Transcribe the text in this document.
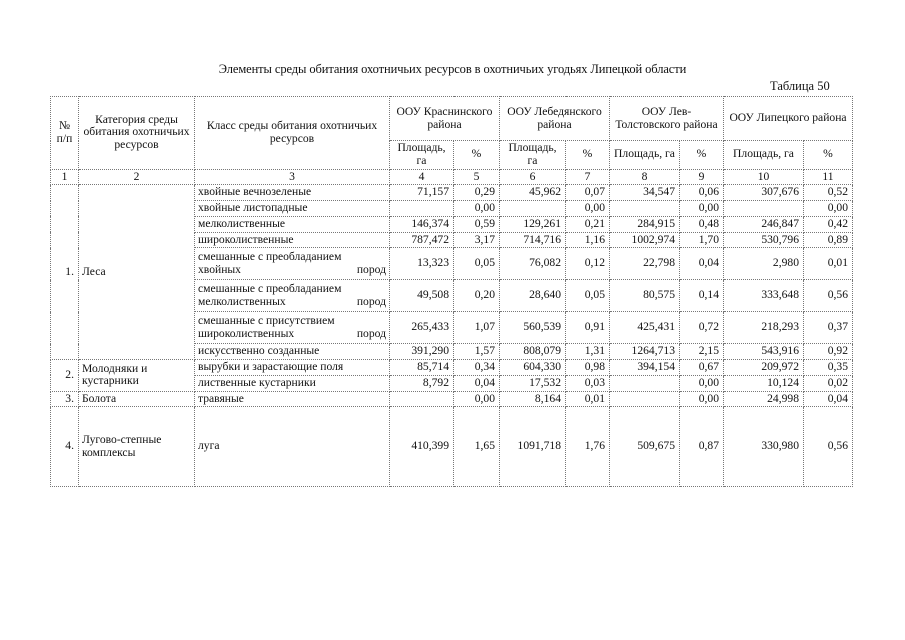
Элементы среды обитания охотничьих ресурсов в охотничьих угодьях Липецкой области
Таблица 50
№ п/п	Категория среды обитания охотничьих ресурсов	Класс среды обитания охотничьих ресурсов	ООУ Краснинского района		ООУ Лебедянского района		ООУ Лев-Толстовского района		ООУ Липецкого района	
			Площадь, га	%	Площадь, га	%	Площадь, га	%	Площадь, га	%
1	2	3	4	5	6	7	8	9	10	11
1.	Леса	хвойные вечнозеленые	71,157	0,29	45,962	0,07	34,547	0,06	307,676	0,52
		хвойные листопадные		0,00		0,00		0,00		0,00
		мелколиственные	146,374	0,59	129,261	0,21	284,915	0,48	246,847	0,42
		широколиственные	787,472	3,17	714,716	1,16	1002,974	1,70	530,796	0,89
		смешанные с преобладанием хвойных пород	13,323	0,05	76,082	0,12	22,798	0,04	2,980	0,01
		смешанные с преобладанием мелколиственных пород	49,508	0,20	28,640	0,05	80,575	0,14	333,648	0,56
		смешанные с присутствием широколиственных пород	265,433	1,07	560,539	0,91	425,431	0,72	218,293	0,37
		искусственно созданные	391,290	1,57	808,079	1,31	1264,713	2,15	543,916	0,92
2.	Молодняки и кустарники	вырубки и зарастающие поля	85,714	0,34	604,330	0,98	394,154	0,67	209,972	0,35
		лиственные кустарники	8,792	0,04	17,532	0,03		0,00	10,124	0,02
3.	Болота	травяные		0,00	8,164	0,01		0,00	24,998	0,04
4.	Лугово-степные комплексы	луга	410,399	1,65	1091,718	1,76	509,675	0,87	330,980	0,56
